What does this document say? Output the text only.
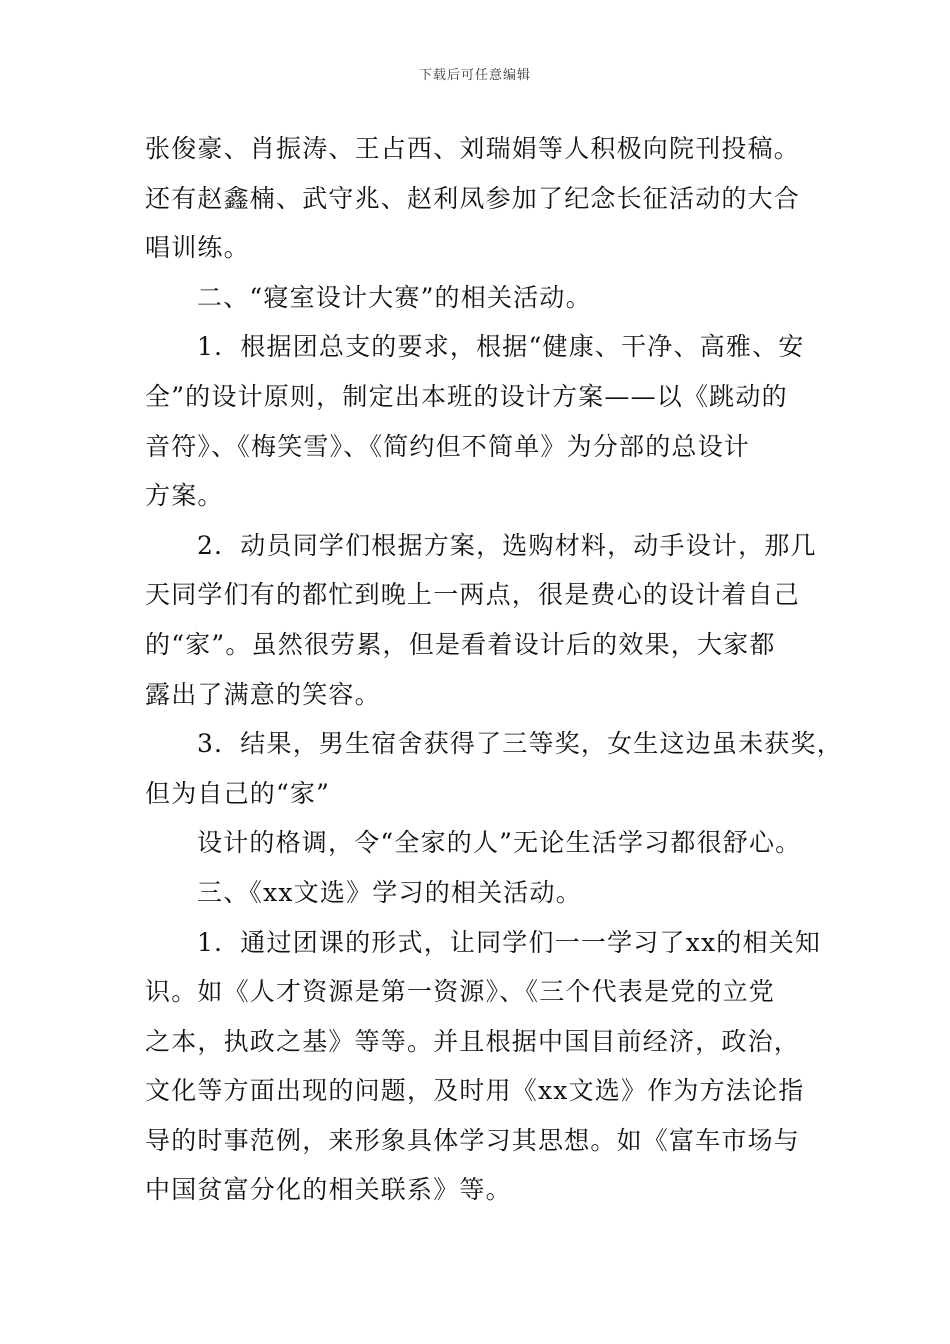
下载后可任意编辑

张俊豪、肖振涛、王占西、刘瑞娟等人积极向院刊投稿。

还有赵鑫楠、武守兆、赵利凤参加了纪念长征活动的大合

唱训练。

二、“寝室设计大赛”的相关活动。

1．根据团总支的要求，根据“健康、干净、高雅、安

全”的设计原则，制定出本班的设计方案——以《跳动的

音符》、《梅笑雪》、《简约但不简单》为分部的总设计

方案。

2．动员同学们根据方案，选购材料，动手设计，那几

天同学们有的都忙到晚上一两点，很是费心的设计着自己

的“家”。虽然很劳累，但是看着设计后的效果，大家都

露出了满意的笑容。

3．结果，男生宿舍获得了三等奖，女生这边虽未获奖，

但为自己的“家”

设计的格调，令“全家的人”无论生活学习都很舒心。

三、《xx文选》学习的相关活动。

1．通过团课的形式，让同学们一一学习了xx的相关知

识。如《人才资源是第一资源》、《三个代表是党的立党

之本，执政之基》等等。并且根据中国目前经济，政治，

文化等方面出现的问题，及时用《xx文选》作为方法论指

导的时事范例，来形象具体学习其思想。如《富车市场与

中国贫富分化的相关联系》等。
